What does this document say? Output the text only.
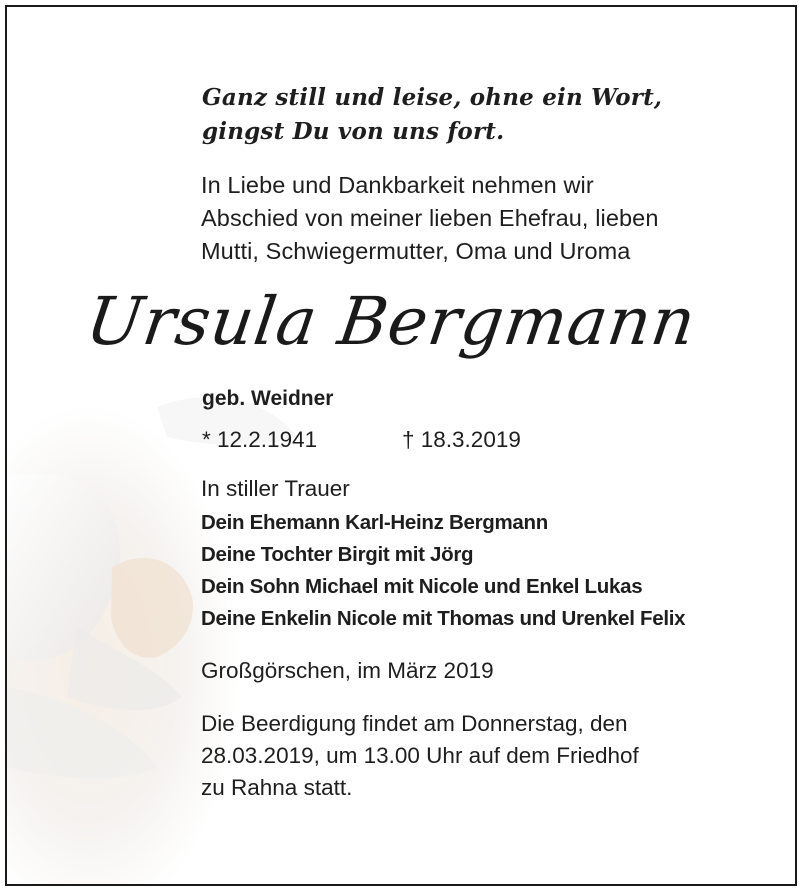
Ganz still und leise, ohne ein Wort,
gingst Du von uns fort.
In Liebe und Dankbarkeit nehmen wir
Abschied von meiner lieben Ehefrau, lieben
Mutti, Schwiegermutter, Oma und Uroma
Ursula Bergmann
geb. Weidner
* 12.2.1941	† 18.3.2019
In stiller Trauer
Dein Ehemann Karl-Heinz Bergmann
Deine Tochter Birgit mit Jörg
Dein Sohn Michael mit Nicole und Enkel Lukas
Deine Enkelin Nicole mit Thomas und Urenkel Felix
Großgörschen, im März 2019
Die Beerdigung findet am Donnerstag, den
28.03.2019, um 13.00 Uhr auf dem Friedhof
zu Rahna statt.
